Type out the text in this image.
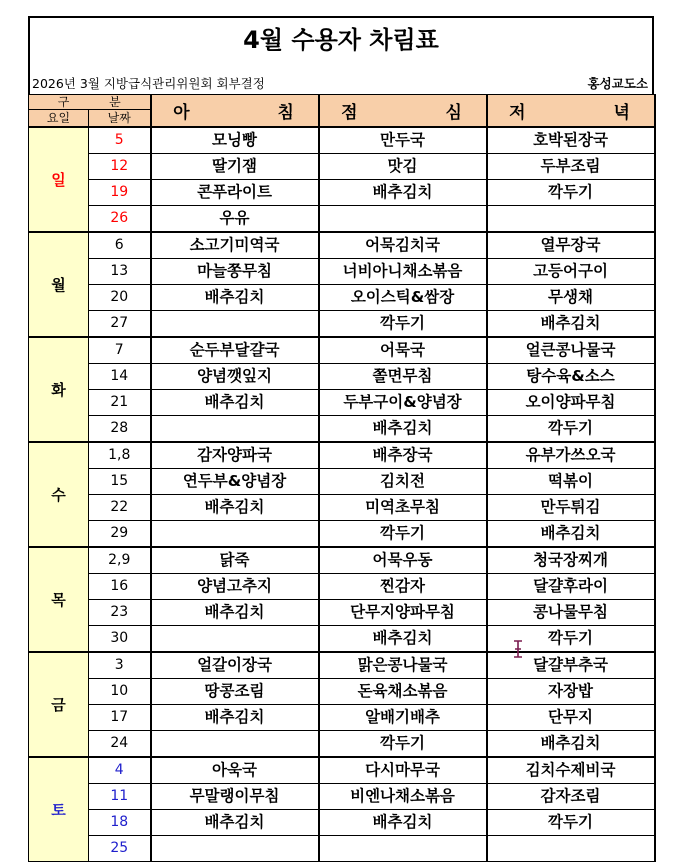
4월 수용자 차림표
2026년 3월 지방급식관리위원회 회부결정	홍성교도소
구 분		아 침	점 심	저 녁
요일	날짜			
일	5	모닝빵	만두국	호박된장국
	12	딸기잼	맛김	두부조림
	19	콘푸라이트	배추김치	깍두기
	26	우유		
월	6	소고기미역국	어묵김치국	열무장국
	13	마늘쫑무침	너비아니채소볶음	고등어구이
	20	배추김치	오이스틱&쌈장	무생채
	27		깍두기	배추김치
화	7	순두부달걀국	어묵국	얼큰콩나물국
	14	양념깻잎지	쫄면무침	탕수육&소스
	21	배추김치	두부구이&양념장	오이양파무침
	28		배추김치	깍두기
수	1,8	감자양파국	배추장국	유부가쓰오국
	15	연두부&양념장	김치전	떡볶이
	22	배추김치	미역초무침	만두튀김
	29		깍두기	배추김치
목	2,9	닭죽	어묵우동	청국장찌개
	16	양념고추지	찐감자	달걀후라이
	23	배추김치	단무지양파무침	콩나물무침
	30		배추김치	깍두기
금	3	얼갈이장국	맑은콩나물국	달걀부추국
	10	땅콩조림	돈육채소볶음	자장밥
	17	배추김치	알배기배추	단무지
	24		깍두기	배추김치
토	4	아욱국	다시마무국	김치수제비국
	11	무말랭이무침	비엔나채소볶음	감자조림
	18	배추김치	배추김치	깍두기
	25			
